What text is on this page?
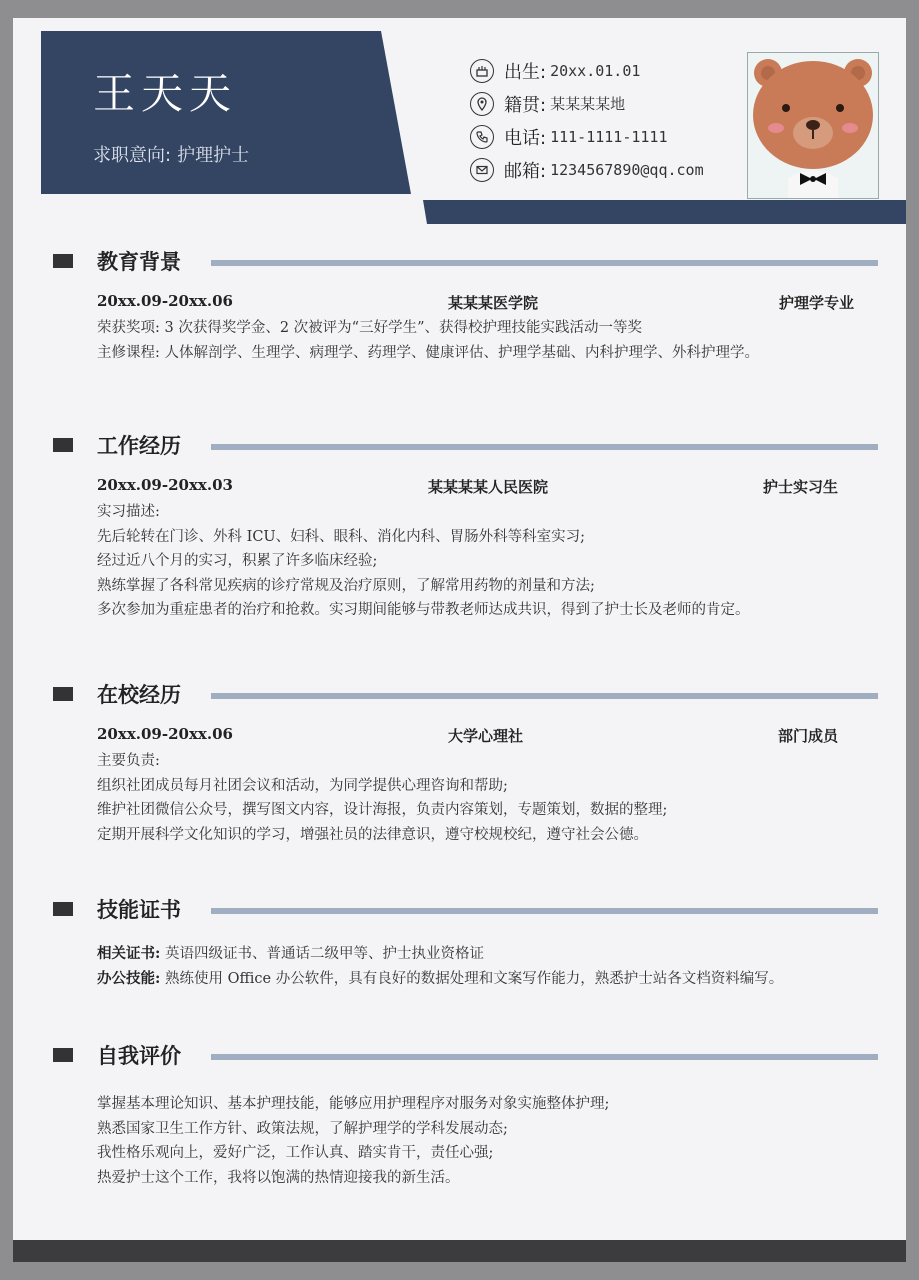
王天天
求职意向: 护理护士
出生: 20xx.01.01
籍贯: 某某某某地
电话: 111-1111-1111
邮箱: 1234567890@qq.com
教育背景
20xx.09-20xx.06	某某某医学院	护理学专业
荣获奖项: 3 次获得奖学金、2 次被评为“三好学生”、获得校护理技能实践活动一等奖
主修课程: 人体解剖学、生理学、病理学、药理学、健康评估、护理学基础、内科护理学、外科护理学。
工作经历
20xx.09-20xx.03	某某某某人民医院	护士实习生
实习描述:
先后轮转在门诊、外科 ICU、妇科、眼科、消化内科、胃肠外科等科室实习;
经过近八个月的实习，积累了许多临床经验;
熟练掌握了各科常见疾病的诊疗常规及治疗原则，了解常用药物的剂量和方法;
多次参加为重症患者的治疗和抢救。实习期间能够与带教老师达成共识，得到了护士长及老师的肯定。
在校经历
20xx.09-20xx.06	大学心理社	部门成员
主要负责:
组织社团成员每月社团会议和活动，为同学提供心理咨询和帮助;
维护社团微信公众号，撰写图文内容，设计海报，负责内容策划，专题策划，数据的整理;
定期开展科学文化知识的学习，增强社员的法律意识，遵守校规校纪，遵守社会公德。
技能证书
相关证书: 英语四级证书、普通话二级甲等、护士执业资格证
办公技能: 熟练使用 Office 办公软件，具有良好的数据处理和文案写作能力，熟悉护士站各文档资料编写。
自我评价
掌握基本理论知识、基本护理技能，能够应用护理程序对服务对象实施整体护理;
熟悉国家卫生工作方针、政策法规，了解护理学的学科发展动态;
我性格乐观向上，爱好广泛，工作认真、踏实肯干，责任心强;
热爱护士这个工作，我将以饱满的热情迎接我的新生活。
